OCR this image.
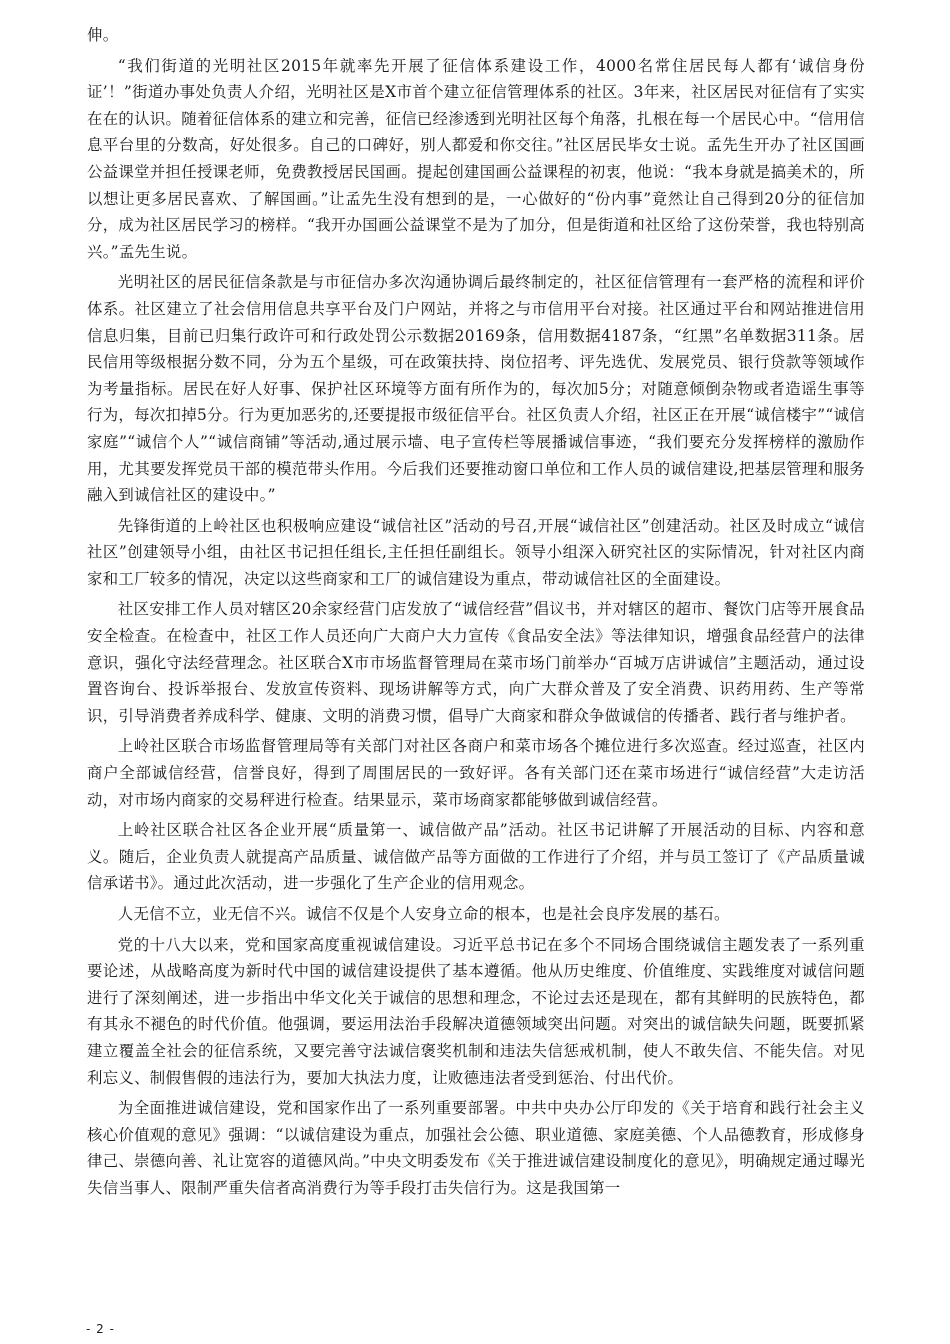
伸。

“我们街道的光明社区2015年就率先开展了征信体系建设工作，4000名常住居民每人都有‘诚信身份证’！”街道办事处负责人介绍，光明社区是X市首个建立征信管理体系的社区。3年来，社区居民对征信有了实实在在的认识。随着征信体系的建立和完善，征信已经渗透到光明社区每个角落，扎根在每一个居民心中。“信用信息平台里的分数高，好处很多。自己的口碑好，别人都爱和你交往。”社区居民毕女士说。孟先生开办了社区国画公益课堂并担任授课老师，免费教授居民国画。提起创建国画公益课程的初衷，他说：“我本身就是搞美术的，所以想让更多居民喜欢、了解国画。”让孟先生没有想到的是，一心做好的“份内事”竟然让自己得到20分的征信加分，成为社区居民学习的榜样。“我开办国画公益课堂不是为了加分，但是街道和社区给了这份荣誉，我也特别高兴。”孟先生说。

光明社区的居民征信条款是与市征信办多次沟通协调后最终制定的，社区征信管理有一套严格的流程和评价体系。社区建立了社会信用信息共享平台及门户网站，并将之与市信用平台对接。社区通过平台和网站推进信用信息归集，目前已归集行政许可和行政处罚公示数据20169条，信用数据4187条，“红黑”名单数据311条。居民信用等级根据分数不同，分为五个星级，可在政策扶持、岗位招考、评先选优、发展党员、银行贷款等领域作为考量指标。居民在好人好事、保护社区环境等方面有所作为的，每次加5分；对随意倾倒杂物或者造谣生事等行为，每次扣掉5分。行为更加恶劣的,还要提报市级征信平台。社区负责人介绍，社区正在开展“诚信楼宇”“诚信家庭”“诚信个人”“诚信商铺”等活动,通过展示墙、电子宣传栏等展播诚信事迹，“我们要充分发挥榜样的激励作用，尤其要发挥党员干部的模范带头作用。今后我们还要推动窗口单位和工作人员的诚信建设,把基层管理和服务融入到诚信社区的建设中。”

先锋街道的上岭社区也积极响应建设“诚信社区”活动的号召,开展“诚信社区”创建活动。社区及时成立“诚信社区”创建领导小组，由社区书记担任组长,主任担任副组长。领导小组深入研究社区的实际情况，针对社区内商家和工厂较多的情况，决定以这些商家和工厂的诚信建设为重点，带动诚信社区的全面建设。

社区安排工作人员对辖区20余家经营门店发放了“诚信经营”倡议书，并对辖区的超市、餐饮门店等开展食品安全检查。在检查中，社区工作人员还向广大商户大力宣传《食品安全法》等法律知识，增强食品经营户的法律意识，强化守法经营理念。社区联合X市市场监督管理局在菜市场门前举办“百城万店讲诚信”主题活动，通过设置咨询台、投诉举报台、发放宣传资料、现场讲解等方式，向广大群众普及了安全消费、识药用药、生产等常识，引导消费者养成科学、健康、文明的消费习惯，倡导广大商家和群众争做诚信的传播者、践行者与维护者。

上岭社区联合市场监督管理局等有关部门对社区各商户和菜市场各个摊位进行多次巡查。经过巡查，社区内商户全部诚信经营，信誉良好，得到了周围居民的一致好评。各有关部门还在菜市场进行“诚信经营”大走访活动，对市场内商家的交易秤进行检查。结果显示，菜市场商家都能够做到诚信经营。

上岭社区联合社区各企业开展“质量第一、诚信做产品”活动。社区书记讲解了开展活动的目标、内容和意义。随后，企业负责人就提高产品质量、诚信做产品等方面做的工作进行了介绍，并与员工签订了《产品质量诚信承诺书》。通过此次活动，进一步强化了生产企业的信用观念。

人无信不立，业无信不兴。诚信不仅是个人安身立命的根本，也是社会良序发展的基石。

党的十八大以来，党和国家高度重视诚信建设。习近平总书记在多个不同场合围绕诚信主题发表了一系列重要论述，从战略高度为新时代中国的诚信建设提供了基本遵循。他从历史维度、价值维度、实践维度对诚信问题进行了深刻阐述，进一步指出中华文化关于诚信的思想和理念，不论过去还是现在，都有其鲜明的民族特色，都有其永不褪色的时代价值。他强调，要运用法治手段解决道德领域突出问题。对突出的诚信缺失问题，既要抓紧建立覆盖全社会的征信系统，又要完善守法诚信褒奖机制和违法失信惩戒机制，使人不敢失信、不能失信。对见利忘义、制假售假的违法行为，要加大执法力度，让败德违法者受到惩治、付出代价。

为全面推进诚信建设，党和国家作出了一系列重要部署。中共中央办公厅印发的《关于培育和践行社会主义核心价值观的意见》强调：“以诚信建设为重点，加强社会公德、职业道德、家庭美德、个人品德教育，形成修身律己、崇德向善、礼让宽容的道德风尚。”中央文明委发布《关于推进诚信建设制度化的意见》，明确规定通过曝光失信当事人、限制严重失信者高消费行为等手段打击失信行为。这是我国第一

- 2 -
